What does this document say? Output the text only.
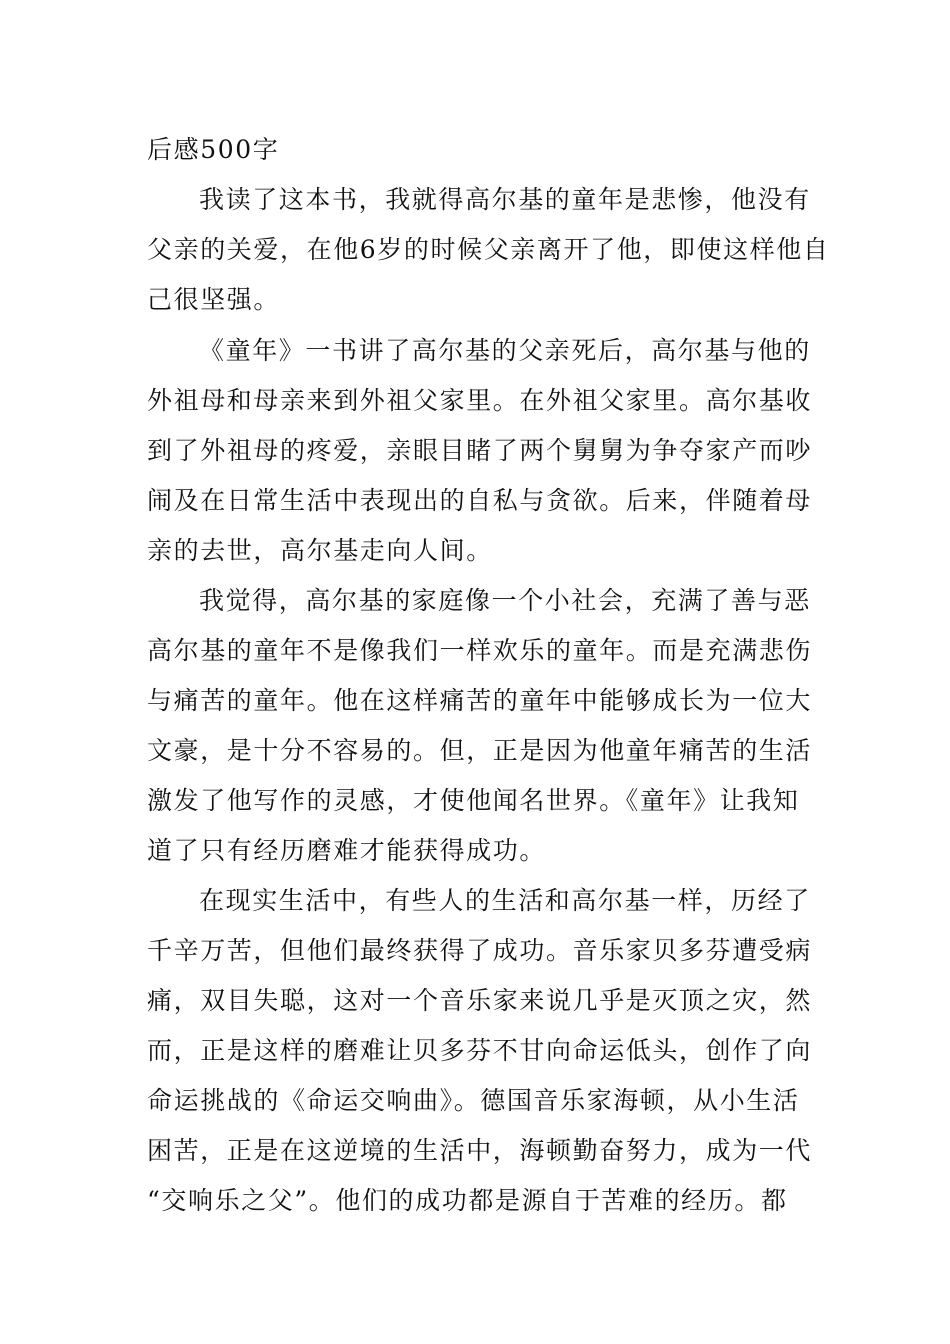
后感500字
我读了这本书，我就得高尔基的童年是悲惨，他没有
父亲的关爱，在他6岁的时候父亲离开了他，即使这样他自
己很坚强。
《童年》一书讲了高尔基的父亲死后，高尔基与他的
外祖母和母亲来到外祖父家里。在外祖父家里。高尔基收
到了外祖母的疼爱，亲眼目睹了两个舅舅为争夺家产而吵
闹及在日常生活中表现出的自私与贪欲。后来，伴随着母
亲的去世，高尔基走向人间。
我觉得，高尔基的家庭像一个小社会，充满了善与恶
高尔基的童年不是像我们一样欢乐的童年。而是充满悲伤
与痛苦的童年。他在这样痛苦的童年中能够成长为一位大
文豪，是十分不容易的。但，正是因为他童年痛苦的生活
激发了他写作的灵感，才使他闻名世界。《童年》让我知
道了只有经历磨难才能获得成功。
在现实生活中，有些人的生活和高尔基一样，历经了
千辛万苦，但他们最终获得了成功。音乐家贝多芬遭受病
痛，双目失聪，这对一个音乐家来说几乎是灭顶之灾，然
而，正是这样的磨难让贝多芬不甘向命运低头，创作了向
命运挑战的《命运交响曲》。德国音乐家海顿，从小生活
困苦，正是在这逆境的生活中，海顿勤奋努力，成为一代
“交响乐之父”。他们的成功都是源自于苦难的经历。都
